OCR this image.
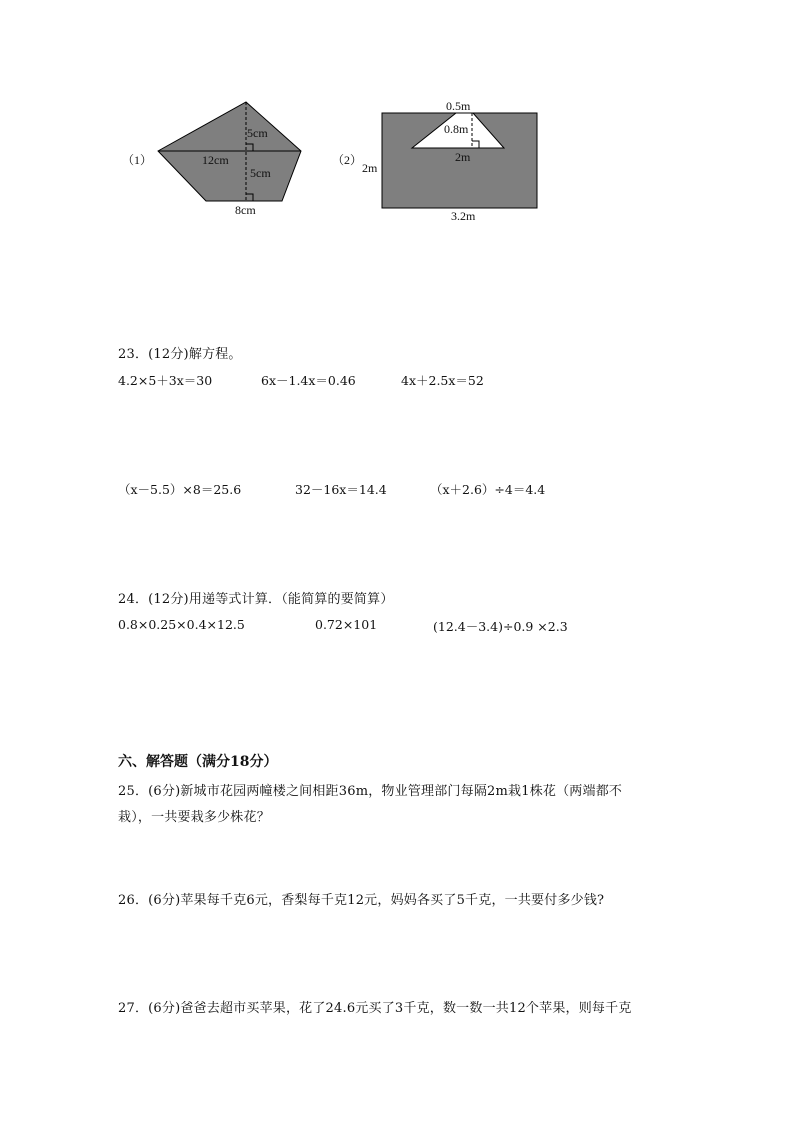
（1）
5cm
12cm
5cm
8cm
（2）
0.5m
0.8m
2m
2m
3.2m
23．(12分)解方程。
4.2×5＋3x＝30	6x－1.4x＝0.46	4x＋2.5x＝52
（x－5.5）×8＝25.6	32－16x＝14.4	（x＋2.6）÷4＝4.4
24．(12分)用递等式计算．（能简算的要简算）
0.8×0.25×0.4×12.5	0.72×101	(12.4－3.4)÷0.9 ×2.3
六、解答题（满分18分）
25．(6分)新城市花园两幢楼之间相距36m，物业管理部门每隔2m栽1株花（两端都不
栽），一共要栽多少株花？
26．(6分)苹果每千克6元，香梨每千克12元，妈妈各买了5千克，一共要付多少钱?
27．(6分)爸爸去超市买苹果，花了24.6元买了3千克，数一数一共12个苹果，则每千克
